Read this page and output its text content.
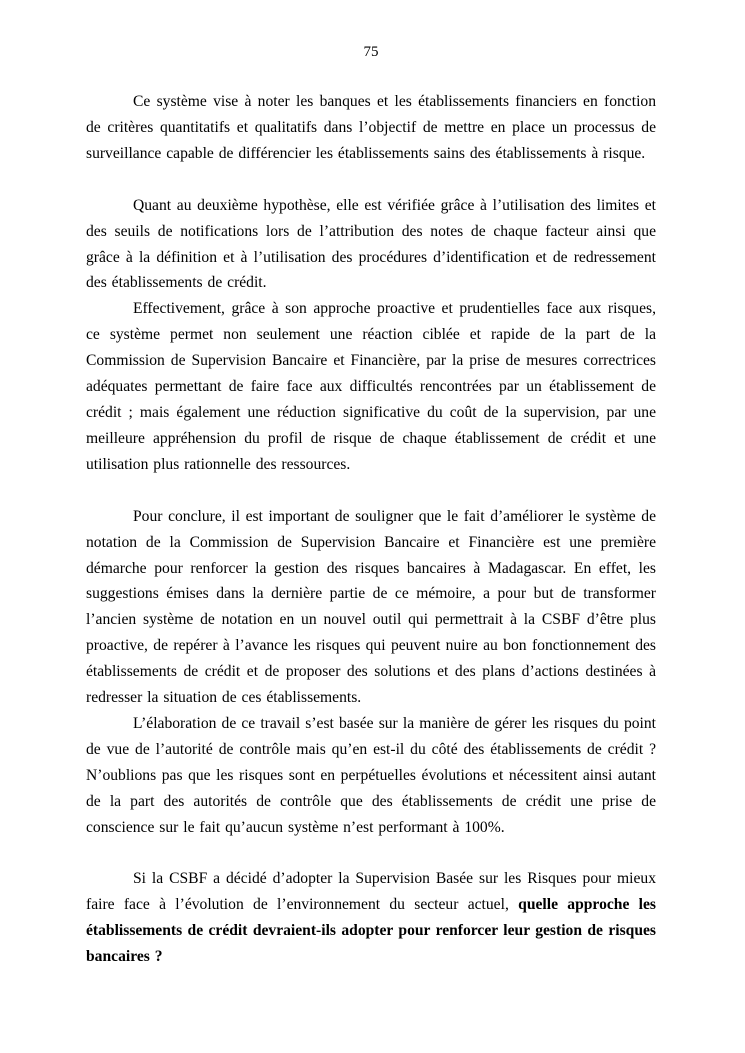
75

Ce système vise à noter les banques et les établissements financiers en fonction de critères quantitatifs et qualitatifs dans l’objectif de mettre en place un processus de surveillance capable de différencier les établissements sains des établissements à risque.

Quant au deuxième hypothèse, elle est vérifiée grâce à l’utilisation des limites et des seuils de notifications lors de l’attribution des notes de chaque facteur ainsi que grâce à la définition et à l’utilisation des procédures d’identification et de redressement des établissements de crédit.

Effectivement, grâce à son approche proactive et prudentielles face aux risques, ce système permet non seulement une réaction ciblée et rapide de la part de la Commission de Supervision Bancaire et Financière, par la prise de mesures correctrices adéquates permettant de faire face aux difficultés rencontrées par un établissement de crédit ; mais également une réduction significative du coût de la supervision, par une meilleure appréhension du profil de risque de chaque établissement de crédit et une utilisation plus rationnelle des ressources.

Pour conclure, il est important de souligner que le fait d’améliorer le système de notation de la Commission de Supervision Bancaire et Financière est une première démarche pour renforcer la gestion des risques bancaires à Madagascar. En effet, les suggestions émises dans la dernière partie de ce mémoire, a pour but de transformer l’ancien système de notation en un nouvel outil qui permettrait à la CSBF d’être plus proactive, de repérer à l’avance les risques qui peuvent nuire au bon fonctionnement des établissements de crédit et de proposer des solutions et des plans d’actions destinées à redresser la situation de ces établissements.

L’élaboration de ce travail s’est basée sur la manière de gérer les risques du point de vue de l’autorité de contrôle mais qu’en est-il du côté des établissements de crédit ? N’oublions pas que les risques sont en perpétuelles évolutions et nécessitent ainsi autant de la part des autorités de contrôle que des établissements de crédit une prise de conscience sur le fait qu’aucun système n’est performant à 100%.

Si la CSBF a décidé d’adopter la Supervision Basée sur les Risques pour mieux faire face à l’évolution de l’environnement du secteur actuel, quelle approche les établissements de crédit devraient-ils adopter pour renforcer leur gestion de risques bancaires ?
